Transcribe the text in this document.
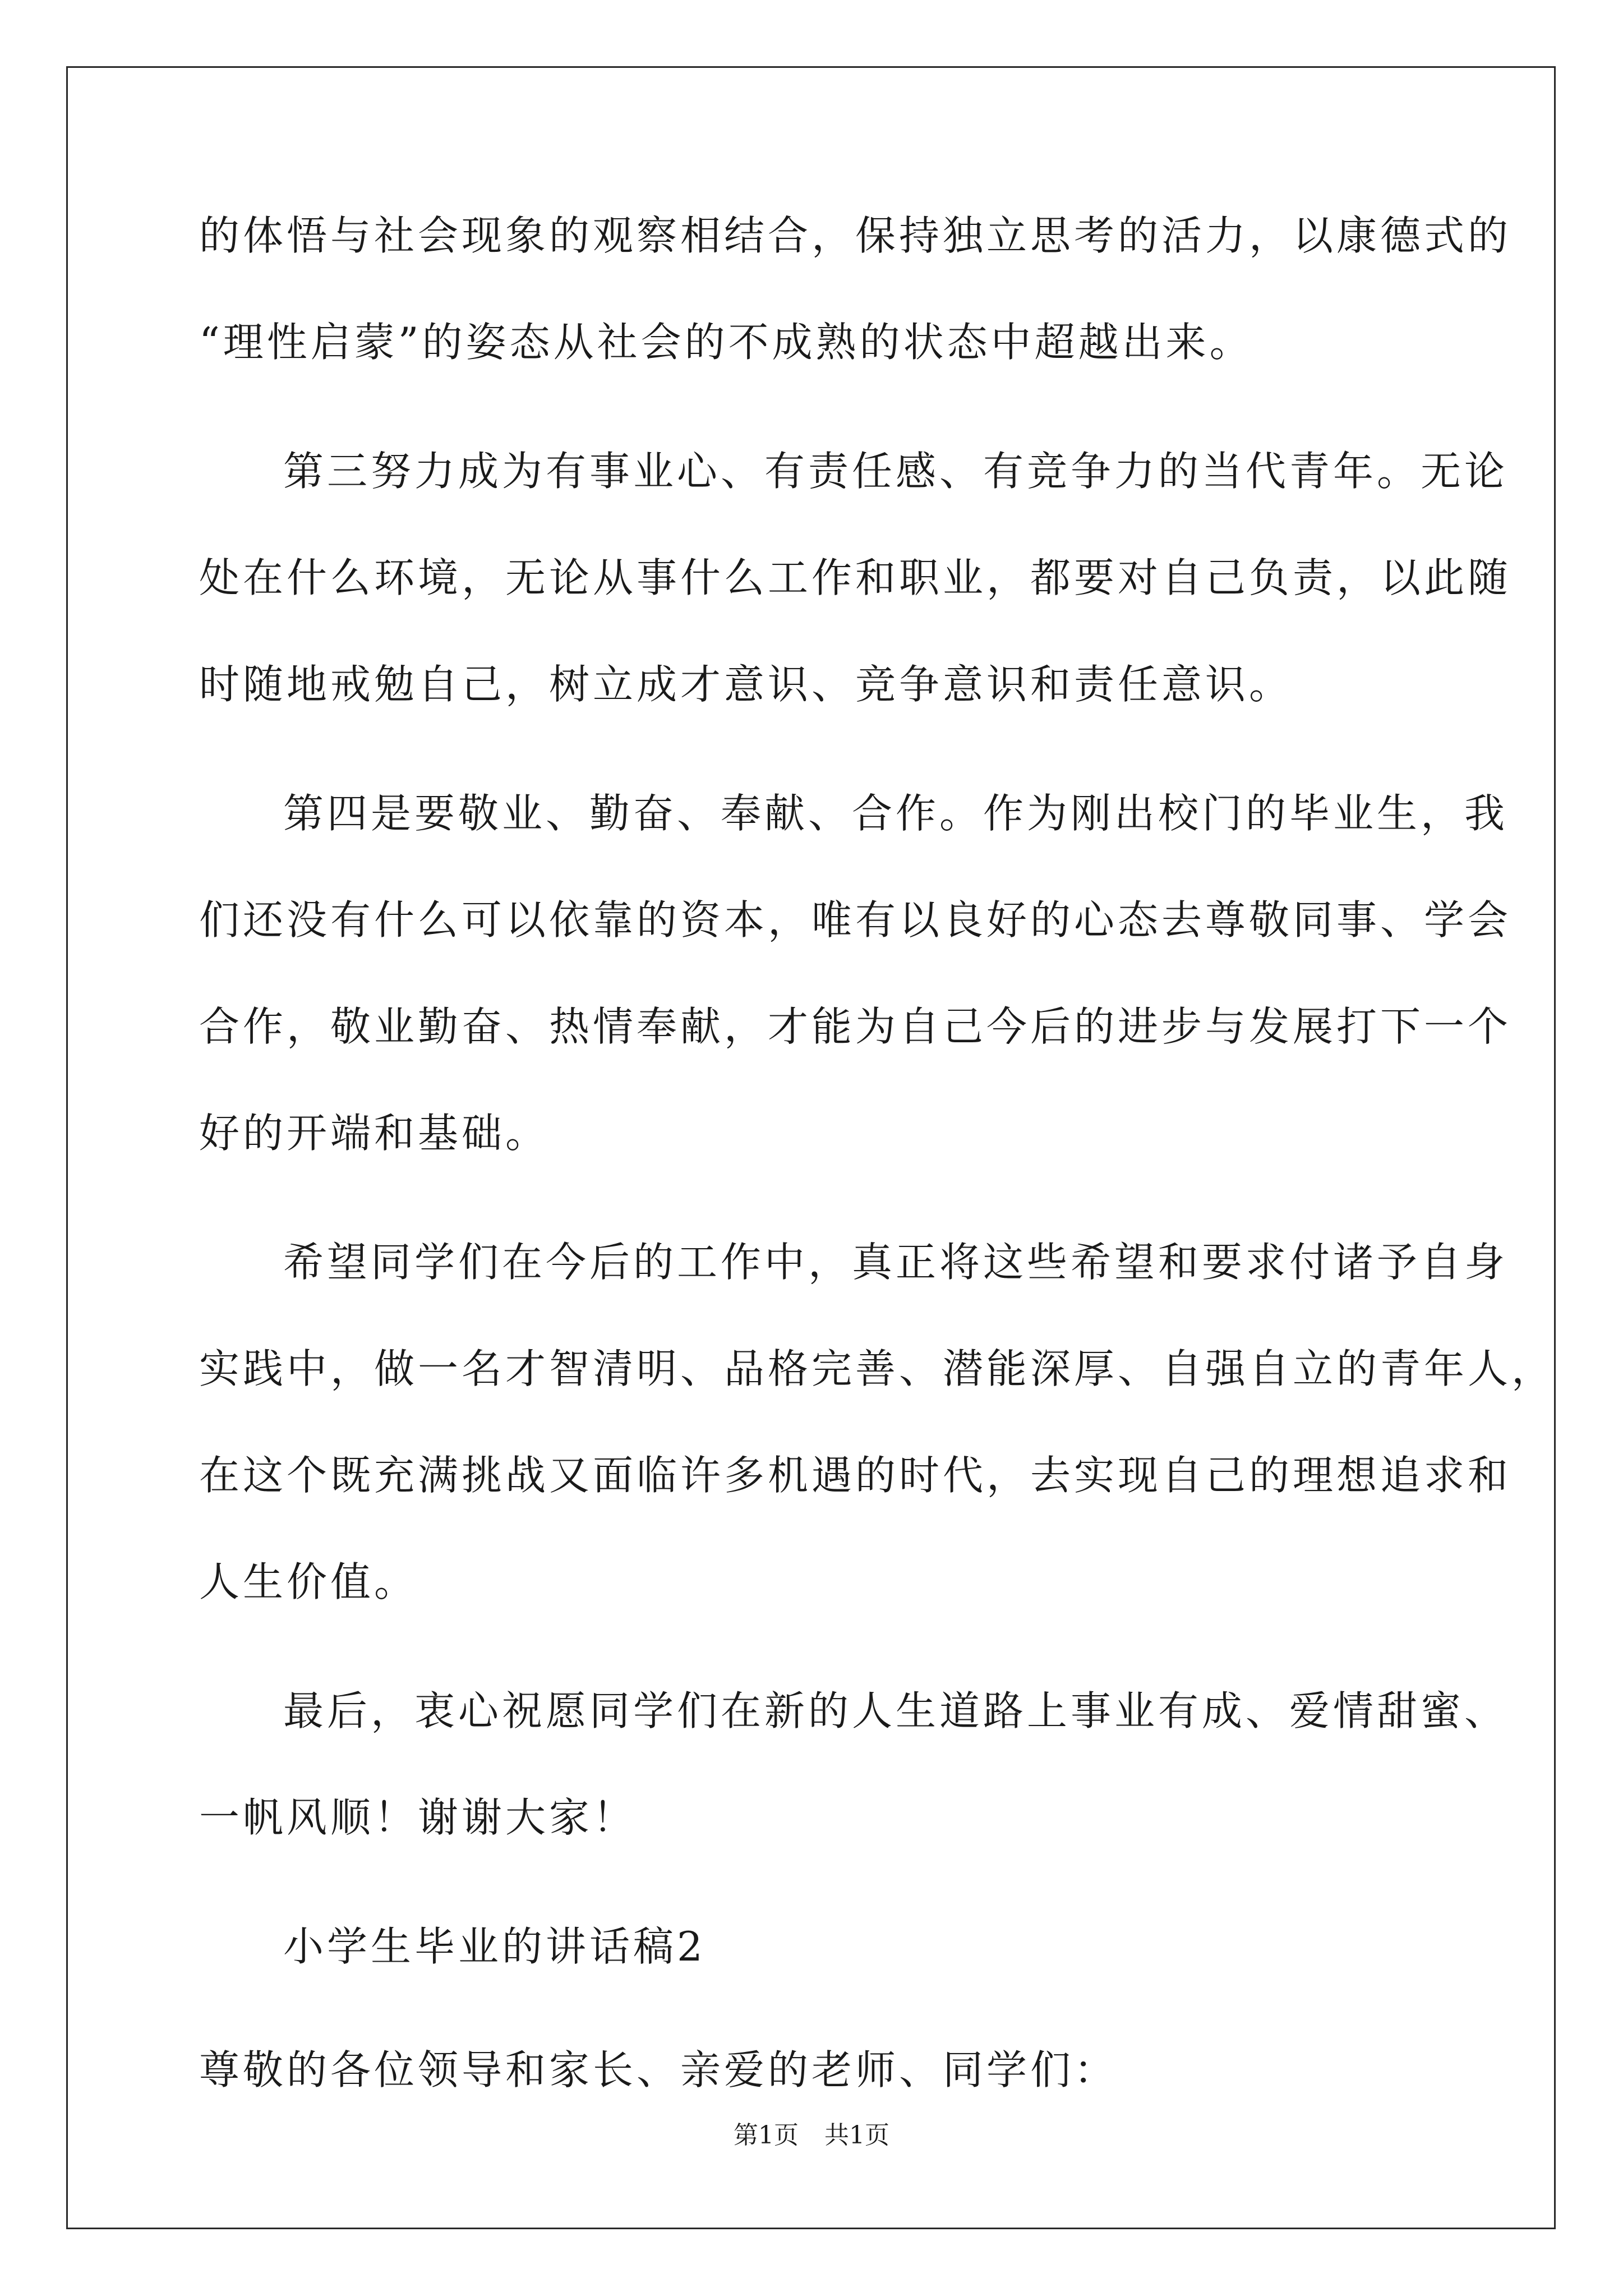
的体悟与社会现象的观察相结合，保持独立思考的活力，以康德式的
“理性启蒙”的姿态从社会的不成熟的状态中超越出来。
第三努力成为有事业心、有责任感、有竞争力的当代青年。无论
处在什么环境，无论从事什么工作和职业，都要对自己负责，以此随
时随地戒勉自己，树立成才意识、竞争意识和责任意识。
第四是要敬业、勤奋、奉献、合作。作为刚出校门的毕业生，我
们还没有什么可以依靠的资本，唯有以良好的心态去尊敬同事、学会
合作，敬业勤奋、热情奉献，才能为自己今后的进步与发展打下一个
好的开端和基础。
希望同学们在今后的工作中，真正将这些希望和要求付诸予自身
实践中，做一名才智清明、品格完善、潜能深厚、自强自立的青年人，
在这个既充满挑战又面临许多机遇的时代，去实现自己的理想追求和
人生价值。
最后，衷心祝愿同学们在新的人生道路上事业有成、爱情甜蜜、
一帆风顺！谢谢大家！
小学生毕业的讲话稿2
尊敬的各位领导和家长、亲爱的老师、同学们：
第1页 共1页
